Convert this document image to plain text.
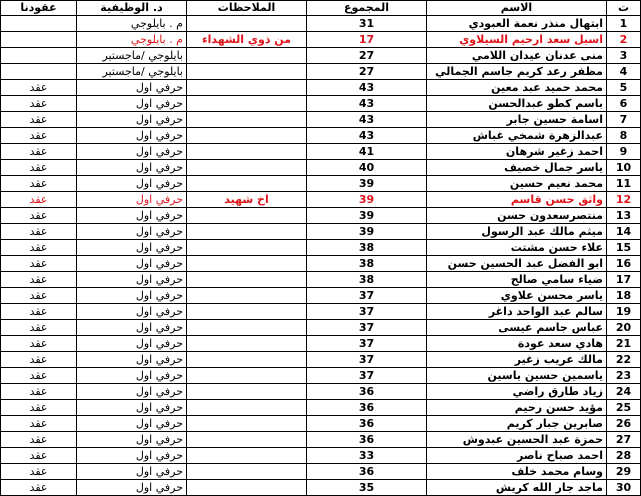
ت	الاسم	المجموع	الملاحظات	د. الوظيفية	عقودنا
1	ابتهال منذر نعمة العبودي	31		م . بايلوجي	
2	اسيل سعد ارحيم السيلاوي	17	من ذوي الشهداء	م . بايلوجي	
3	منى عدنان عيدان اللامي	27		بايلوجي /ماجستير	
4	مظفر رعد كريم جاسم الجمالي	27		بايلوجي /ماجستير	
5	محمد حميد عبد معين	43		حرفي اول	عقد
6	باسم كطو عبدالحسن	43		حرفي اول	عقد
7	اسامة حسين جابر	43		حرفي اول	عقد
8	عبدالزهرة شمخي غباش	43		حرفي اول	عقد
9	احمد زغير شرهان	41		حرفي اول	عقد
10	ياسر جمال خصيف	40		حرفي اول	عقد
11	محمد نعيم حسين	39		حرفي اول	عقد
12	واثق حسن قاسم	39	اخ شهيد	حرفي اول	عقد
13	منتصرسعدون حسن	39		حرفي اول	عقد
14	ميثم مالك عبد الرسول	39		حرفي اول	عقد
15	علاء حسن مشتت	38		حرفي اول	عقد
16	ابو الفضل عبد الحسين حسن	38		حرفي اول	عقد
17	ضياء سامي صالح	38		حرفي اول	عقد
18	ياسر محسن علاوي	37		حرفي اول	عقد
19	سالم عبد الواحد داغر	37		حرفي اول	عقد
20	عباس جاسم عيسى	37		حرفي اول	عقد
21	هادي سعد عودة	37		حرفي اول	عقد
22	مالك عريب زغير	37		حرفي اول	عقد
23	ياسمين حسين ياسين	37		حرفي اول	عقد
24	زياد طارق راضي	36		حرفي اول	عقد
25	مؤيد حسن رحيم	36		حرفي اول	عقد
26	صابرين جبار كريم	36		حرفي اول	عقد
27	حمزة عبد الحسين عبدوش	36		حرفي اول	عقد
28	احمد صباح ناصر	33		حرفي اول	عقد
29	وسام محمد خلف	36		حرفي اول	عقد
30	ماجد جار الله كريش	35		حرفي اول	عقد
